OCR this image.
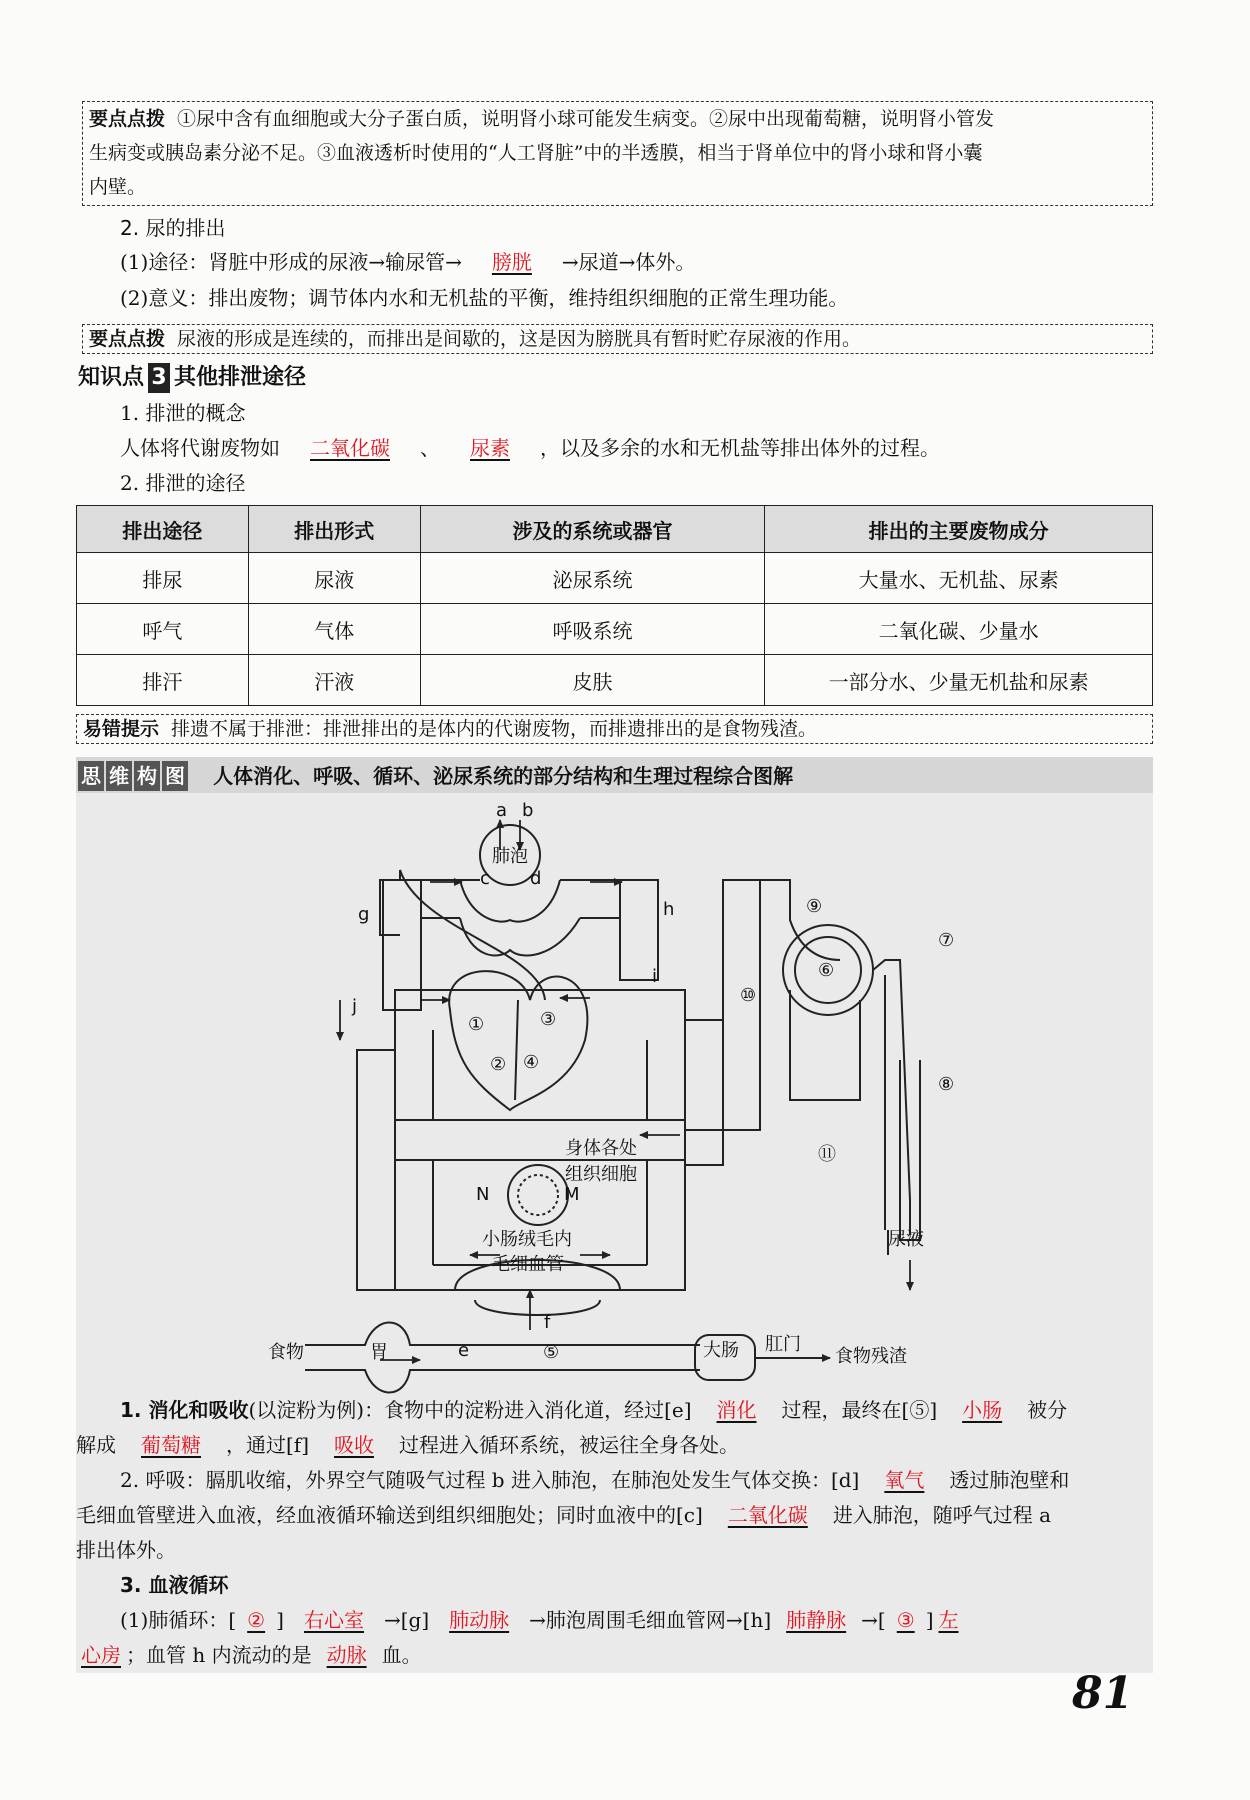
要点点拨 ①尿中含有血细胞或大分子蛋白质，说明肾小球可能发生病变。②尿中出现葡萄糖，说明肾小管发
生病变或胰岛素分泌不足。③血液透析时使用的“人工肾脏”中的半透膜，相当于肾单位中的肾小球和肾小囊
内壁。
2. 尿的排出
(1)途径：肾脏中形成的尿液→输尿管→ 膀胱 →尿道→体外。
(2)意义：排出废物；调节体内水和无机盐的平衡，维持组织细胞的正常生理功能。
要点点拨 尿液的形成是连续的，而排出是间歇的，这是因为膀胱具有暂时贮存尿液的作用。
知识点 3 其他排泄途径
1. 排泄的概念
人体将代谢废物如 二氧化碳 、 尿素 ，以及多余的水和无机盐等排出体外的过程。
2. 排泄的途径
排出途径	排出形式	涉及的系统或器官	排出的主要废物成分
排尿	尿液	泌尿系统	大量水、无机盐、尿素
呼气	气体	呼吸系统	二氧化碳、少量水
排汗	汗液	皮肤	一部分水、少量无机盐和尿素
易错提示 排遗不属于排泄：排泄排出的是体内的代谢废物，而排遗排出的是食物残渣。
思 维 构 图 人体消化、呼吸、循环、泌尿系统的部分结构和生理过程综合图解
a b
肺泡
c d
g	h
i
j
①
②
③
④
身体各处
组织细胞
N	M
小肠绒毛内
毛细血管
f
⑤
e
食物	胃	大肠 肛门
食物残渣
⑨
⑦
⑥
⑩
⑧
⑪
尿液
1. 消化和吸收(以淀粉为例)：食物中的淀粉进入消化道，经过[e] 消化 过程，最终在[⑤] 小肠 被分
解成 葡萄糖 ，通过[f] 吸收 过程进入循环系统，被运往全身各处。
2. 呼吸：膈肌收缩，外界空气随吸气过程 b 进入肺泡，在肺泡处发生气体交换：[d] 氧气 透过肺泡壁和
毛细血管壁进入血液，经血液循环输送到组织细胞处；同时血液中的[c] 二氧化碳 进入肺泡，随呼气过程 a
排出体外。
3. 血液循环
(1)肺循环：[ ② ] 右心室 →[g] 肺动脉 →肺泡周围毛细血管网→[h] 肺静脉 →[ ③ ] 左
心房 ；血管 h 内流动的是 动脉 血。
81
